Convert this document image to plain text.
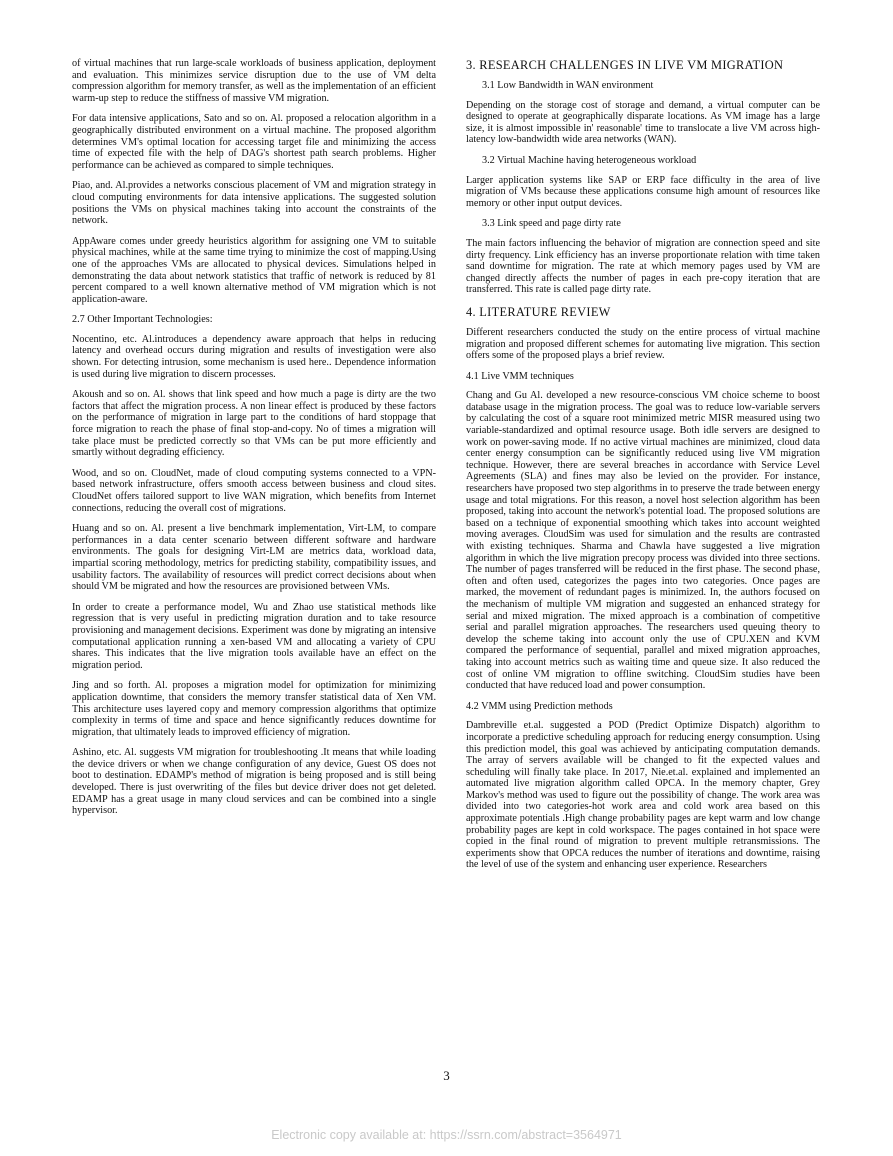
of virtual machines that run large-scale workloads of business application, deployment and evaluation. This minimizes service disruption due to the use of VM delta compression algorithm for memory transfer, as well as the implementation of an efficient warm-up step to reduce the stiffness of massive VM migration.

For data intensive applications, Sato and so on. Al. proposed a relocation algorithm in a geographically distributed environment on a virtual machine. The proposed algorithm determines VM's optimal location for accessing target file and minimizing the access time of expected file with the help of DAG's shortest path search problems. Higher performance can be achieved as compared to simple techniques.

Piao, and. Al.provides a networks conscious placement of VM and migration strategy in cloud computing environments for data intensive applications. The suggested solution positions the VMs on physical machines taking into account the constraints of the network.

AppAware comes under greedy heuristics algorithm for assigning one VM to suitable physical machines, while at the same time trying to minimize the cost of mapping.Using one of the approaches VMs are allocated to physical devices. Simulations helped in demonstrating the data about network statistics that traffic of network is reduced by 81 percent compared to a well known alternative method of VM migration which is not application-aware.

2.7 Other Important Technologies:

Nocentino, etc. Al.introduces a dependency aware approach that helps in reducing latency and overhead occurs during migration and results of investigation were also shown. For detecting intrusion, some mechanism is used here.. Dependence information is used during live migration to discern processes.

Akoush and so on. Al. shows that link speed and how much a page is dirty are the two factors that affect the migration process. A non linear effect is produced by these factors on the performance of migration in large part to the conditions of hard stoppage that force migration to reach the phase of final stop-and-copy. No of times a migration will take place must be predicted correctly so that VMs can be put more efficiently and smartly without degrading efficiency.

Wood, and so on. CloudNet, made of cloud computing systems connected to a VPN-based network infrastructure, offers smooth access between business and cloud sites. CloudNet offers tailored support to live WAN migration, which benefits from Internet connections, reducing the overall cost of migrations.

Huang and so on. Al. present a live benchmark implementation, Virt-LM, to compare performances in a data center scenario between different software and hardware environments. The goals for designing Virt-LM are metrics data, workload data, impartial scoring methodology, metrics for predicting stability, compatibility issues, and usability factors. The availability of resources will predict correct decisions about when should VM be migrated and how the resources are provisioned between VMs.

In order to create a performance model, Wu and Zhao use statistical methods like regression that is very useful in predicting migration duration and to take resource provisioning and management decisions. Experiment was done by migrating an intensive computational application running a xen-based VM and allocating a variety of CPU shares. This indicates that the live migration tools available have an effect on the migration period.

Jing and so forth. Al. proposes a migration model for optimization for minimizing application downtime, that considers the memory transfer statistical data of Xen VM. This architecture uses layered copy and memory compression algorithms that optimize complexity in terms of time and space and hence significantly reduces downtime for migration, that ultimately leads to improved efficiency of migration.

Ashino, etc. Al. suggests VM migration for troubleshooting .It means that while loading the device drivers or when we change configuration of any device, Guest OS does not boot to destination. EDAMP's method of migration is being proposed and is still being developed. There is just overwriting of the files but device driver does not get deleted. EDAMP has a great usage in many cloud services and can be combined into a single hypervisor.

3. RESEARCH CHALLENGES IN LIVE VM MIGRATION
3.1 Low Bandwidth in WAN environment

Depending on the storage cost of storage and demand, a virtual computer can be designed to operate at geographically disparate locations. As VM image has a large size, it is almost impossible in' reasonable' time to translocate a live VM across high-latency low-bandwidth wide area networks (WAN).

3.2 Virtual Machine having heterogeneous workload

Larger application systems like SAP or ERP face difficulty in the area of live migration of VMs because these applications consume high amount of resources like memory or other input output devices.

3.3 Link speed and page dirty rate

The main factors influencing the behavior of migration are connection speed and site dirty frequency. Link efficiency has an inverse proportionate relation with time taken sand downtime for migration. The rate at which memory pages used by VM are changed directly affects the number of pages in each pre-copy iteration that are transferred. This rate is called page dirty rate.

4. LITERATURE REVIEW

Different researchers conducted the study on the entire process of virtual machine migration and proposed different schemes for automating live migration. This section offers some of the proposed plays a brief review.

4.1 Live VMM techniques

Chang and Gu Al. developed a new resource-conscious VM choice scheme to boost database usage in the migration process. The goal was to reduce low-variable servers by calculating the cost of a square root minimized metric MISR measured using two variable-standardized and optimal resource usage. Both idle servers are designed to work on power-saving mode. If no active virtual machines are minimized, cloud data center energy consumption can be significantly reduced using live VM migration technique. However, there are several breaches in accordance with Service Level Agreements (SLA) and fines may also be levied on the provider. For instance, researchers have proposed two step algorithms in to preserve the trade between energy usage and total migrations. For this reason, a novel host selection algorithm has been proposed, taking into account the network's potential load. The proposed solutions are based on a technique of exponential smoothing which takes into account weighted moving averages. CloudSim was used for simulation and the results are contrasted with existing techniques. Sharma and Chawla have suggested a live migration algorithm in which the live migration precopy process was divided into three sections. The number of pages transferred will be reduced in the first phase. The second phase, often and often used, categorizes the pages into two categories. Once pages are marked, the movement of redundant pages is minimized. In, the authors focused on the mechanism of multiple VM migration and suggested an enhanced strategy for serial and mixed migration. The mixed approach is a combination of competitive serial and parallel migration approaches. The researchers used queuing theory to develop the scheme taking into account only the use of CPU.XEN and KVM compared the performance of sequential, parallel and mixed migration approaches, taking into account metrics such as waiting time and queue size. It also reduced the cost of online VM migration to offline switching. CloudSim studies have been conducted that have reduced load and power consumption.

4.2 VMM using Prediction methods

Dambreville et.al. suggested a POD (Predict Optimize Dispatch) algorithm to incorporate a predictive scheduling approach for reducing energy consumption. Using this prediction model, this goal was achieved by anticipating computation demands. The array of servers available will be changed to fit the expected values and scheduling will finally take place. In 2017, Nie.et.al. explained and implemented an automated live migration algorithm called OPCA. In the memory chapter, Grey Markov's method was used to figure out the possibility of change. The work area was divided into two categories-hot work area and cold work area based on this approximate potentials .High change probability pages are kept warm and low change probability pages are kept in cold workspace. The pages contained in hot space were copied in the final round of migration to prevent multiple retransmissions. The experiments show that OPCA reduces the number of iterations and downtime, raising the level of use of the system and enhancing user experience. Researchers

3
Electronic copy available at: https://ssrn.com/abstract=3564971
